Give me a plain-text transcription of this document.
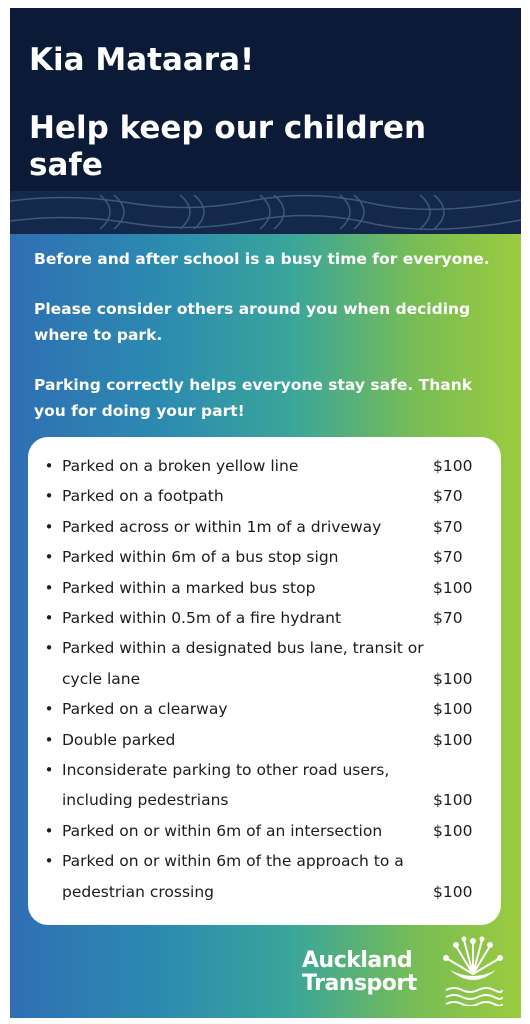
Kia Mataara!
Help keep our children safe

Before and after school is a busy time for everyone.

Please consider others around you when deciding where to park.

Parking correctly helps everyone stay safe. Thank you for doing your part!

• Parked on a broken yellow line	$100
• Parked on a footpath	$70
• Parked across or within 1m of a driveway	$70
• Parked within 6m of a bus stop sign	$70
• Parked within a marked bus stop	$100
• Parked within 0.5m of a fire hydrant	$70
• Parked within a designated bus lane, transit or cycle lane	$100
• Parked on a clearway	$100
• Double parked	$100
• Inconsiderate parking to other road users, including pedestrians	$100
• Parked on or within 6m of an intersection	$100
• Parked on or within 6m of the approach to a pedestrian crossing	$100
Auckland
Transport
